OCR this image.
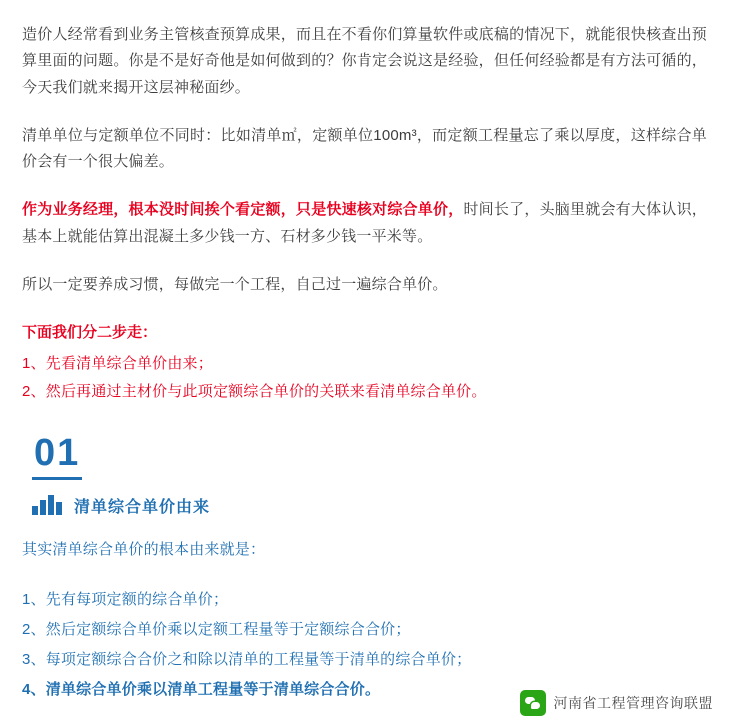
造价人经常看到业务主管核查预算成果，而且在不看你们算量软件或底稿的情况下，就能很快核查出预算里面的问题。你是不是好奇他是如何做到的？你肯定会说这是经验，但任何经验都是有方法可循的，今天我们就来揭开这层神秘面纱。

清单单位与定额单位不同时：比如清单㎡，定额单位100m³，而定额工程量忘了乘以厚度，这样综合单价会有一个很大偏差。

作为业务经理，根本没时间挨个看定额，只是快速核对综合单价，时间长了，头脑里就会有大体认识，基本上就能估算出混凝土多少钱一方、石材多少钱一平米等。

所以一定要养成习惯，每做完一个工程，自己过一遍综合单价。

下面我们分二步走：
1、先看清单综合单价由来；
2、然后再通过主材价与此项定额综合单价的关联来看清单综合单价。
01
清单综合单价由来

其实清单综合单价的根本由来就是：

1、先有每项定额的综合单价；
2、然后定额综合单价乘以定额工程量等于定额综合合价；
3、每项定额综合合价之和除以清单的工程量等于清单的综合单价；
4、清单综合单价乘以清单工程量等于清单综合合价。
河南省工程管理咨询联盟
